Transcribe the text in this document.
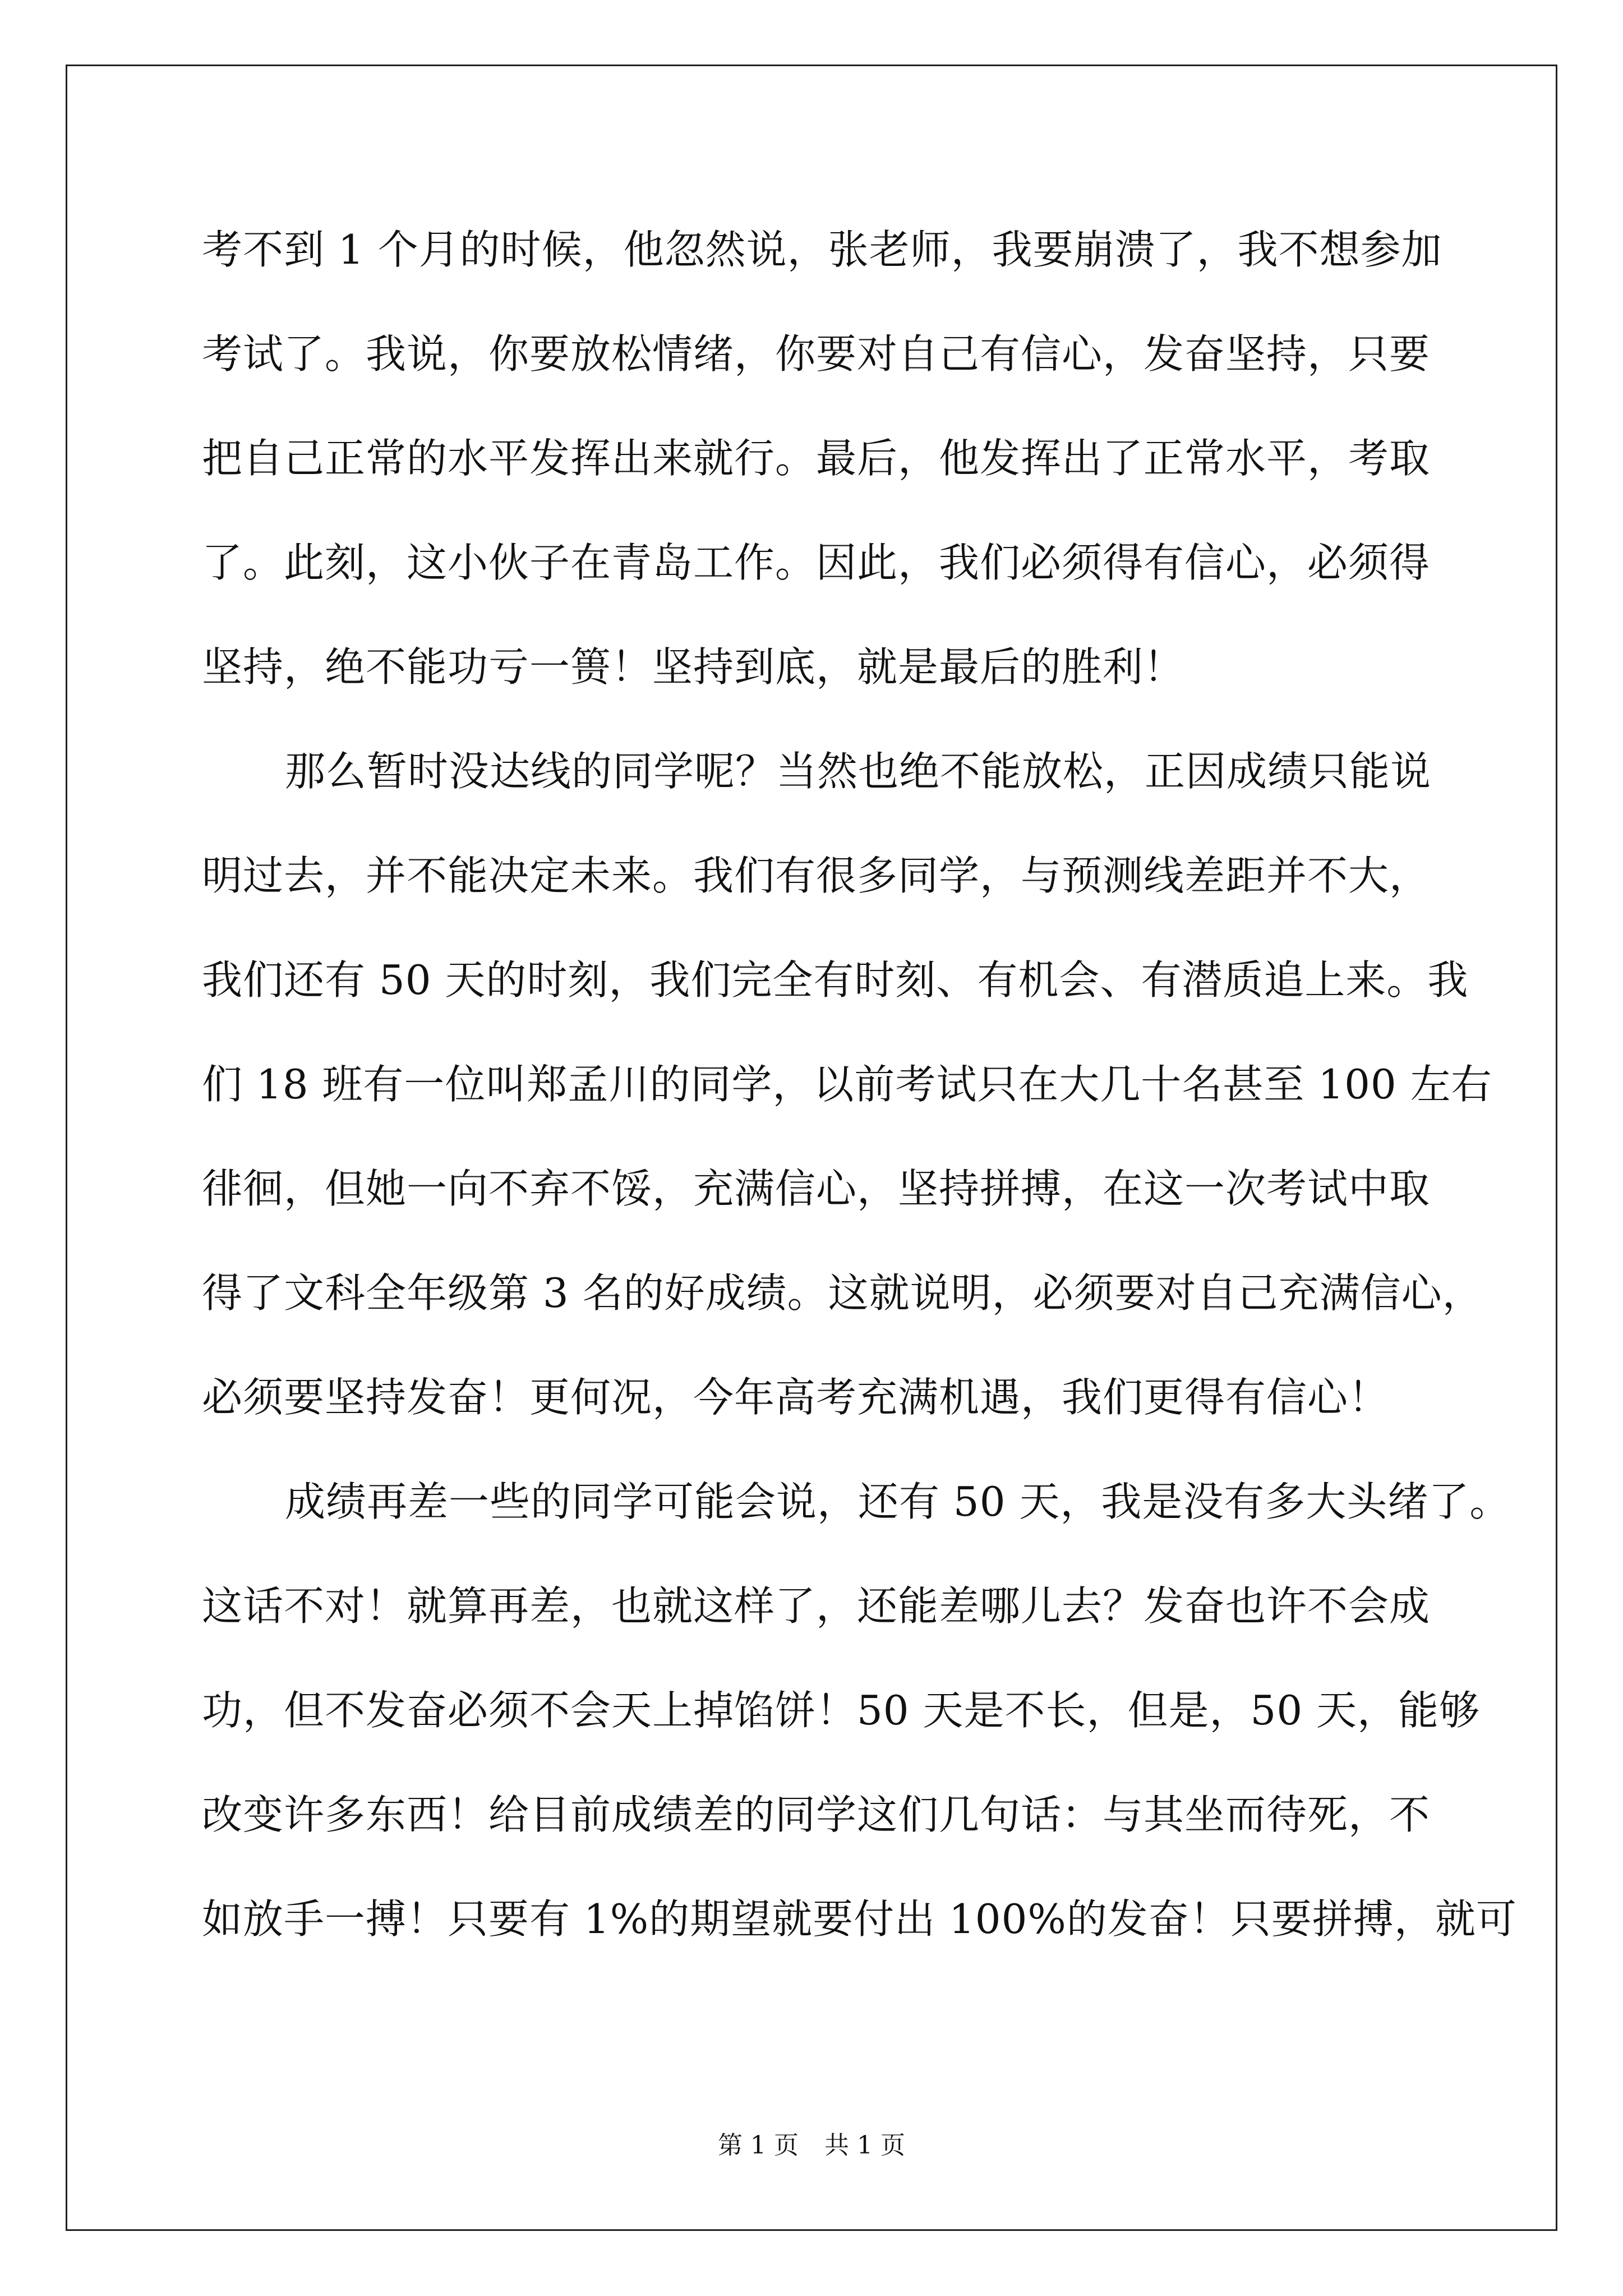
考不到 1 个月的时候，他忽然说，张老师，我要崩溃了，我不想参加
考试了。我说，你要放松情绪，你要对自己有信心，发奋坚持，只要
把自己正常的水平发挥出来就行。最后，他发挥出了正常水平，考取
了。此刻，这小伙子在青岛工作。因此，我们必须得有信心，必须得
坚持，绝不能功亏一篑！坚持到底，就是最后的胜利！
那么暂时没达线的同学呢？当然也绝不能放松，正因成绩只能说
明过去，并不能决定未来。我们有很多同学，与预测线差距并不大，
我们还有 50 天的时刻，我们完全有时刻、有机会、有潜质追上来。我
们 18 班有一位叫郑孟川的同学，以前考试只在大几十名甚至 100 左右
徘徊，但她一向不弃不馁，充满信心，坚持拼搏，在这一次考试中取
得了文科全年级第 3 名的好成绩。这就说明，必须要对自己充满信心，
必须要坚持发奋！更何况，今年高考充满机遇，我们更得有信心！
成绩再差一些的同学可能会说，还有 50 天，我是没有多大头绪了。
这话不对！就算再差，也就这样了，还能差哪儿去？发奋也许不会成
功，但不发奋必须不会天上掉馅饼！50 天是不长，但是，50 天，能够
改变许多东西！给目前成绩差的同学这们几句话：与其坐而待死，不
如放手一搏！只要有 1%的期望就要付出 100%的发奋！只要拼搏，就可
第 1 页 共 1 页
